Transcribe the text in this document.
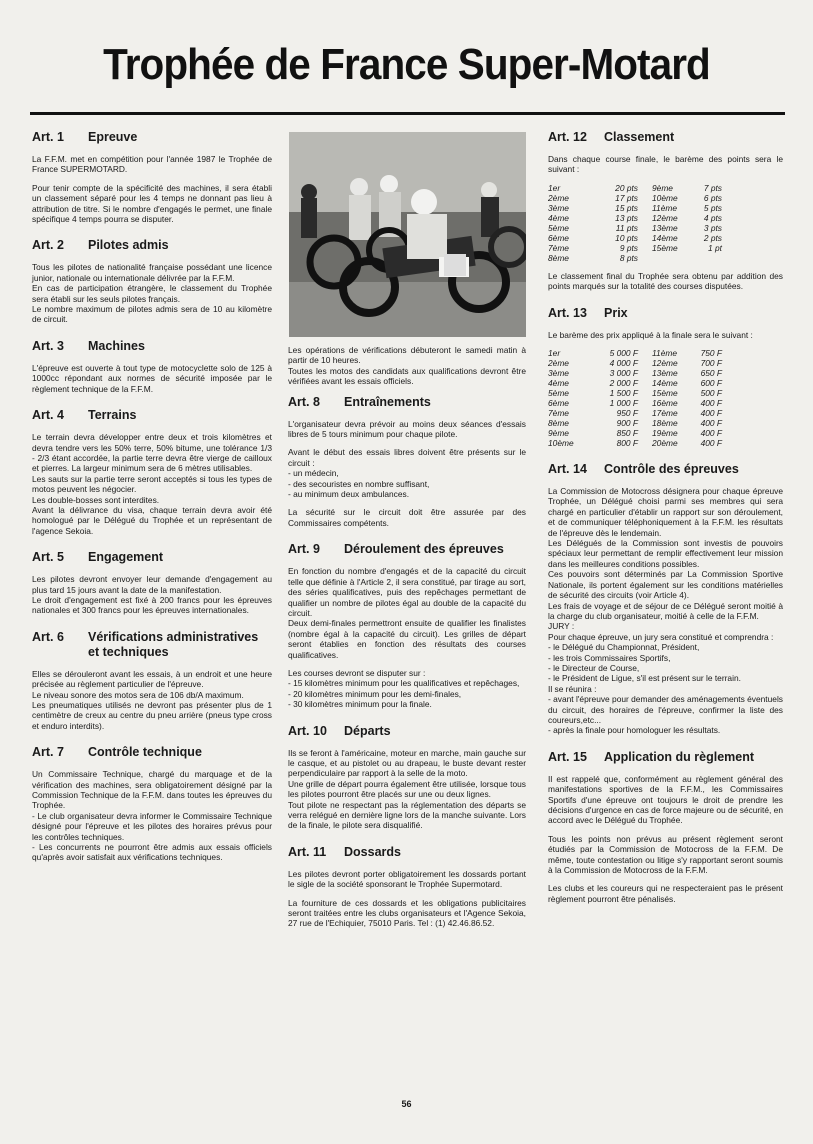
Trophée de France Super-Motard
Art. 1 Epreuve

La F.F.M. met en compétition pour l'année 1987 le Trophée de France SUPERMOTARD.

Pour tenir compte de la spécificité des machines, il sera établi un classement séparé pour les 4 temps ne donnant pas lieu à attribution de titre. Si le nombre d'engagés le permet, une finale spécifique 4 temps pourra se disputer.

Art. 2 Pilotes admis

Tous les pilotes de nationalité française possédant une licence junior, nationale ou internationale délivrée par la F.F.M.
En cas de participation étrangère, le classement du Trophée sera établi sur les seuls pilotes français.
Le nombre maximum de pilotes admis sera de 10 au kilomètre de circuit.

Art. 3 Machines

L'épreuve est ouverte à tout type de motocyclette solo de 125 à 1000cc répondant aux normes de sécurité imposée par le règlement technique de la F.F.M.

Art. 4 Terrains

Le terrain devra développer entre deux et trois kilomètres et devra tendre vers les 50% terre, 50% bitume, une tolérance 1/3 - 2/3 étant accordée, la partie terre devra être vierge de cailloux et pierres. La largeur minimum sera de 6 mètres utilisables.
Les sauts sur la partie terre seront acceptés si tous les types de motos peuvent les négocier.
Les double-bosses sont interdites.
Avant la délivrance du visa, chaque terrain devra avoir été homologué par le Délégué du Trophée et un représentant de l'agence Sekoia.

Art. 5 Engagement

Les pilotes devront envoyer leur demande d'engagement au plus tard 15 jours avant la date de la manifestation.
Le droit d'engagement est fixé à 200 francs pour les épreuves nationales et 300 francs pour les épreuves internationales.

Art. 6	Vérifications administratives et techniques

Elles se dérouleront avant les essais, à un endroit et une heure précisée au règlement particulier de l'épreuve.
Le niveau sonore des motos sera de 106 db/A maximum.
Les pneumatiques utilisés ne devront pas présenter plus de 1 centimètre de creux au centre du pneu arrière (pneus type cross et enduro interdits).

Art. 7 Contrôle technique

Un Commissaire Technique, chargé du marquage et de la vérification des machines, sera obligatoirement désigné par la Commission Technique de la F.F.M. dans toutes les épreuves du Trophée.
- Le club organisateur devra informer le Commissaire Technique désigné pour l'épreuve et les pilotes des horaires prévus pour les contrôles techniques.
- Les concurrents ne pourront être admis aux essais officiels qu'après avoir satisfait aux vérifications techniques.

Les opérations de vérifications débuteront le samedi matin à partir de 10 heures.
Toutes les motos des candidats aux qualifications devront être vérifiées avant les essais officiels.

Art. 8 Entraînements

L'organisateur devra prévoir au moins deux séances d'essais libres de 5 tours minimum pour chaque pilote.

Avant le début des essais libres doivent être présents sur le circuit :
- un médecin,
- des secouristes en nombre suffisant,
- au minimum deux ambulances.

La sécurité sur le circuit doit être assurée par des Commissaires compétents.

Art. 9 Déroulement des épreuves

En fonction du nombre d'engagés et de la capacité du circuit telle que définie à l'Article 2, il sera constitué, par tirage au sort, des séries qualificatives, puis des repêchages permettant de qualifier un nombre de pilotes égal au double de la capacité du circuit.
Deux demi-finales permettront ensuite de qualifier les finalistes (nombre égal à la capacité du circuit). Les grilles de départ seront établies en fonction des résultats des courses qualificatives.

Les courses devront se disputer sur :
- 15 kilomètres minimum pour les qualificatives et repêchages,
- 20 kilomètres minimum pour les demi-finales,
- 30 kilomètres minimum pour la finale.

Art. 10 Départs

Ils se feront à l'américaine, moteur en marche, main gauche sur le casque, et au pistolet ou au drapeau, le buste devant rester perpendiculaire par rapport à la selle de la moto.
Une grille de départ pourra également être utilisée, lorsque tous les pilotes pourront être placés sur une ou deux lignes.
Tout pilote ne respectant pas la réglementation des départs se verra relégué en dernière ligne lors de la manche suivante. Lors de la finale, le pilote sera disqualifié.

Art. 11 Dossards

Les pilotes devront porter obligatoirement les dossards portant le sigle de la société sponsorant le Trophée Supermotard.

La fourniture de ces dossards et les obligations publicitaires seront traitées entre les clubs organisateurs et l'Agence Sekoia, 27 rue de l'Echiquier, 75010 Paris. Tel : (1) 42.46.86.52.

Art. 12 Classement

Dans chaque course finale, le barème des points sera le suivant :

1er	20 pts	9ème	7 pts
2ème	17 pts	10ème	6 pts
3ème	15 pts	11ème	5 pts
4ème	13 pts	12ème	4 pts
5ème	11 pts	13ème	3 pts
6ème	10 pts	14ème	2 pts
7ème	9 pts	15ème	1 pt
8ème	8 pts		

Le classement final du Trophée sera obtenu par addition des points marqués sur la totalité des courses disputées.

Art. 13 Prix

Le barème des prix appliqué à la finale sera le suivant :

1er	5 000 F	11ème	750 F
2ème	4 000 F	12ème	700 F
3ème	3 000 F	13ème	650 F
4ème	2 000 F	14ème	600 F
5ème	1 500 F	15ème	500 F
6ème	1 000 F	16ème	400 F
7ème	950 F	17ème	400 F
8ème	900 F	18ème	400 F
9ème	850 F	19ème	400 F
10ème	800 F	20ème	400 F
Art. 14 Contrôle des épreuves

La Commission de Motocross désignera pour chaque épreuve Trophée, un Délégué choisi parmi ses membres qui sera chargé en particulier d'établir un rapport sur son déroulement, et de communiquer téléphoniquement à la F.F.M. les résultats de l'épreuve dès le lendemain.
Les Délégués de la Commission sont investis de pouvoirs spéciaux leur permettant de remplir effectivement leur mission dans les meilleures conditions possibles.
Ces pouvoirs sont déterminés par La Commission Sportive Nationale, ils portent également sur les conditions matérielles de sécurité des circuits (voir Article 4).
Les frais de voyage et de séjour de ce Délégué seront moitié à la charge du club organisateur, moitié à celle de la F.F.M.
JURY :
Pour chaque épreuve, un jury sera constitué et comprendra :
- le Délégué du Championnat, Président,
- les trois Commissaires Sportifs,
- le Directeur de Course,
- le Président de Ligue, s'il est présent sur le terrain.
Il se réunira :
- avant l'épreuve pour demander des aménagements éventuels du circuit, des horaires de l'épreuve, confirmer la liste des coureurs,etc...
- après la finale pour homologuer les résultats.

Art. 15 Application du règlement

Il est rappelé que, conformément au règlement général des manifestations sportives de la F.F.M., les Commissaires Sportifs d'une épreuve ont toujours le droit de prendre les décisions d'urgence en cas de force majeure ou de sécurité, en accord avec le Délégué du Trophée.

Tous les points non prévus au présent règlement seront étudiés par la Commission de Motocross de la F.F.M. De même, toute contestation ou litige s'y rapportant seront soumis à la Commission de Motocross de la F.F.M.

Les clubs et les coureurs qui ne respecteraient pas le présent règlement pourront être pénalisés.

56
